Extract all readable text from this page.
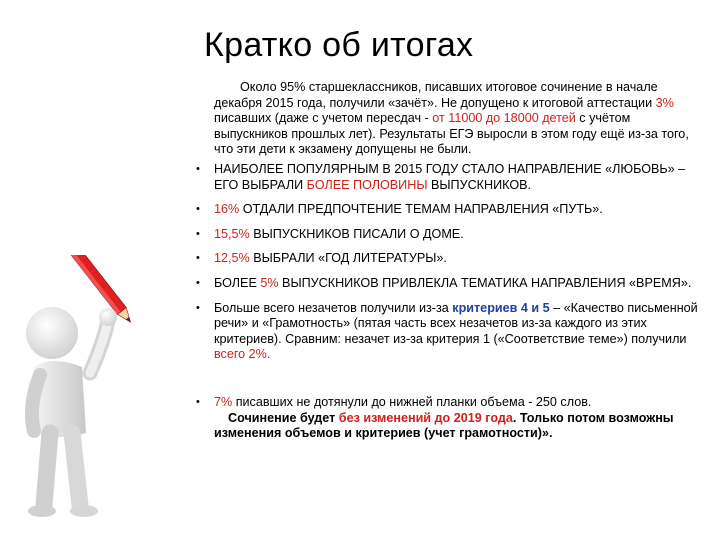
Кратко об итогах

Около 95% старшеклассников, писавших итоговое сочинение в начале декабря 2015 года, получили «зачёт». Не допущено к итоговой аттестации 3% писавших (даже с учетом пересдач - от 11000 до 18000 детей с учётом выпускников прошлых лет). Результаты ЕГЭ выросли в этом году ещё из-за того, что эти дети к экзамену допущены не были.

• НАИБОЛЕЕ ПОПУЛЯРНЫМ В 2015 ГОДУ СТАЛО НАПРАВЛЕНИЕ «ЛЮБОВЬ» – ЕГО ВЫБРАЛИ БОЛЕЕ ПОЛОВИНЫ ВЫПУСКНИКОВ.
• 16% ОТДАЛИ ПРЕДПОЧТЕНИЕ ТЕМАМ НАПРАВЛЕНИЯ «ПУТЬ».
• 15,5% ВЫПУСКНИКОВ ПИСАЛИ О ДОМЕ.
• 12,5% ВЫБРАЛИ «ГОД ЛИТЕРАТУРЫ».
• БОЛЕЕ 5% ВЫПУСКНИКОВ ПРИВЛЕКЛА ТЕМАТИКА НАПРАВЛЕНИЯ «ВРЕМЯ».
• Больше всего незачетов получили из-за критериев 4 и 5 – «Качество письменной речи» и «Грамотность» (пятая часть всех незачетов из-за каждого из этих критериев). Сравним: незачет из-за критерия 1 («Соответствие теме») получили всего 2%.
• 7% писавших не дотянули до нижней планки объема - 250 слов.
Сочинение будет без изменений до 2019 года. Только потом возможны изменения объемов и критериев (учет грамотности)».
